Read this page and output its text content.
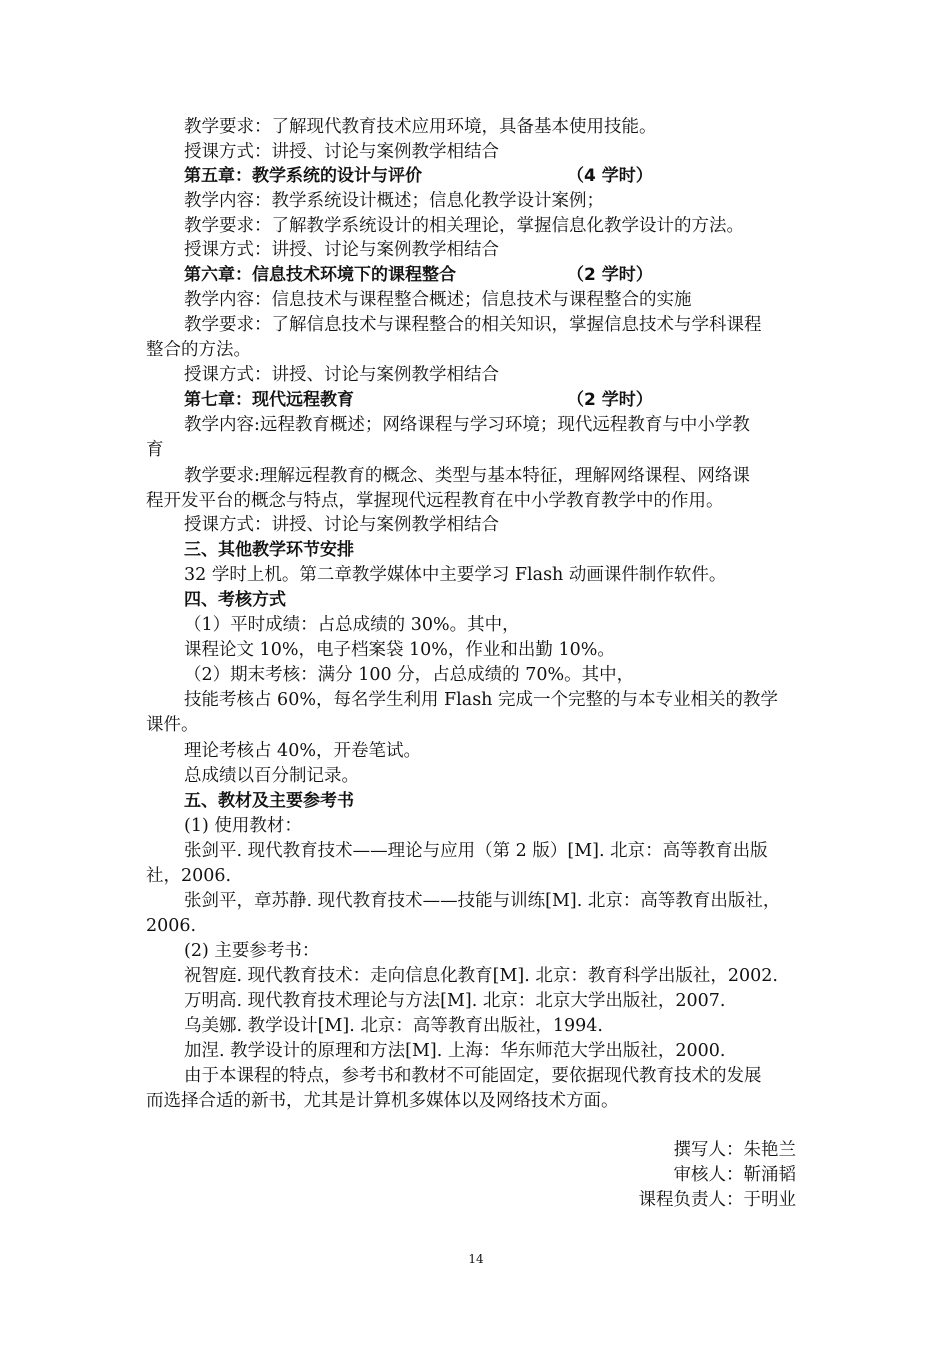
教学要求：了解现代教育技术应用环境，具备基本使用技能。
授课方式：讲授、讨论与案例教学相结合
第五章：教学系统的设计与评价	（4 学时）
教学内容：教学系统设计概述；信息化教学设计案例；
教学要求：了解教学系统设计的相关理论，掌握信息化教学设计的方法。
授课方式：讲授、讨论与案例教学相结合
第六章：信息技术环境下的课程整合	（2 学时）
教学内容：信息技术与课程整合概述；信息技术与课程整合的实施
教学要求：了解信息技术与课程整合的相关知识，掌握信息技术与学科课程
整合的方法。
授课方式：讲授、讨论与案例教学相结合
第七章：现代远程教育	（2 学时）
教学内容:远程教育概述；网络课程与学习环境；现代远程教育与中小学教
育
教学要求:理解远程教育的概念、类型与基本特征，理解网络课程、网络课
程开发平台的概念与特点，掌握现代远程教育在中小学教育教学中的作用。
授课方式：讲授、讨论与案例教学相结合
三、其他教学环节安排
32 学时上机。第二章教学媒体中主要学习 Flash 动画课件制作软件。
四、考核方式
（1）平时成绩：占总成绩的 30%。其中，
课程论文 10%，电子档案袋 10%，作业和出勤 10%。
（2）期末考核：满分 100 分，占总成绩的 70%。其中，
技能考核占 60%，每名学生利用 Flash 完成一个完整的与本专业相关的教学
课件。
理论考核占 40%，开卷笔试。
总成绩以百分制记录。
五、教材及主要参考书
(1) 使用教材：
张剑平. 现代教育技术——理论与应用（第 2 版）[M]. 北京：高等教育出版
社，2006.
张剑平，章苏静. 现代教育技术——技能与训练[M]. 北京：高等教育出版社，
2006.
(2) 主要参考书：
祝智庭. 现代教育技术：走向信息化教育[M]. 北京：教育科学出版社，2002.
万明高. 现代教育技术理论与方法[M]. 北京：北京大学出版社，2007.
乌美娜. 教学设计[M]. 北京：高等教育出版社，1994.
加涅. 教学设计的原理和方法[M]. 上海：华东师范大学出版社，2000.
由于本课程的特点，参考书和教材不可能固定，要依据现代教育技术的发展
而选择合适的新书，尤其是计算机多媒体以及网络技术方面。
撰写人：朱艳兰
审核人：靳涌韬
课程负责人：于明业
14
